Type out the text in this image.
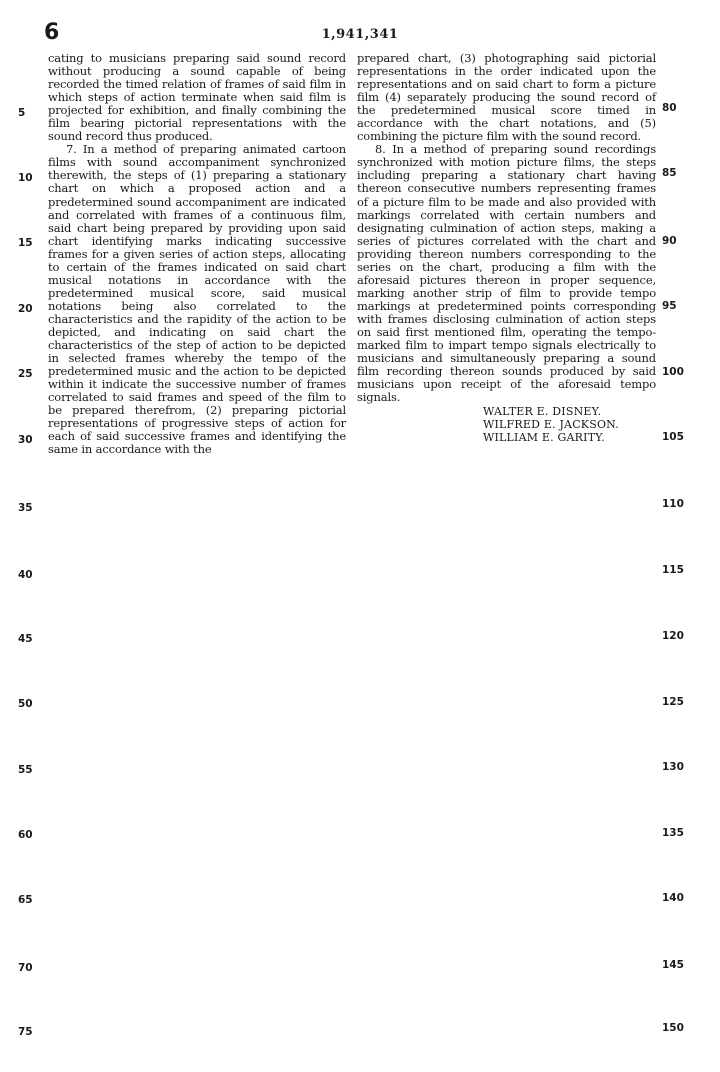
6	1,941,341

cating to musicians preparing said sound record without producing a sound capable of being recorded the timed relation of frames of said film in which steps of action terminate when said film is projected for exhibition, and finally combining the film bearing pictorial representations with the sound record thus produced.

7. In a method of preparing animated cartoon films with sound accompaniment synchronized therewith, the steps of (1) preparing a stationary chart on which a proposed action and a predetermined sound accompaniment are indicated and correlated with frames of a continuous film, said chart being prepared by providing upon said chart identifying marks indicating successive frames for a given series of action steps, allocating to certain of the frames indicated on said chart musical notations in accordance with the predetermined musical score, said musical notations being also correlated to the characteristics and the rapidity of the action to be depicted, and indicating on said chart the characteristics of the step of action to be depicted in selected frames whereby the tempo of the predetermined music and the action to be depicted within it indicate the successive number of frames correlated to said frames and speed of the film to be prepared therefrom, (2) preparing pictorial representations of progressive steps of action for each of said successive frames and identifying the same in accordance with the

prepared chart, (3) photographing said pictorial representations in the order indicated upon the representations and on said chart to form a picture film (4) separately producing the sound record of the predetermined musical score timed in accordance with the chart notations, and (5) combining the picture film with the sound record.

8. In a method of preparing sound recordings synchronized with motion picture films, the steps including preparing a stationary chart having thereon consecutive numbers representing frames of a picture film to be made and also provided with markings correlated with certain numbers and designating culmination of action steps, making a series of pictures correlated with the chart and providing thereon numbers corresponding to the series on the chart, producing a film with the aforesaid pictures thereon in proper sequence, marking another strip of film to provide tempo markings at predetermined points corresponding with frames disclosing culmination of action steps on said first mentioned film, operating the tempo-marked film to impart tempo signals electrically to musicians and simultaneously preparing a sound film recording thereon sounds produced by said musicians upon receipt of the aforesaid tempo signals.

WALTER E. DISNEY.
WILFRED E. JACKSON.
WILLIAM E. GARITY.
5
10
15
20
25
30
35
40
45
50
55
60
65
70
75
80
85
90
95
100
105
110
115
120
125
130
135
140
145
150
